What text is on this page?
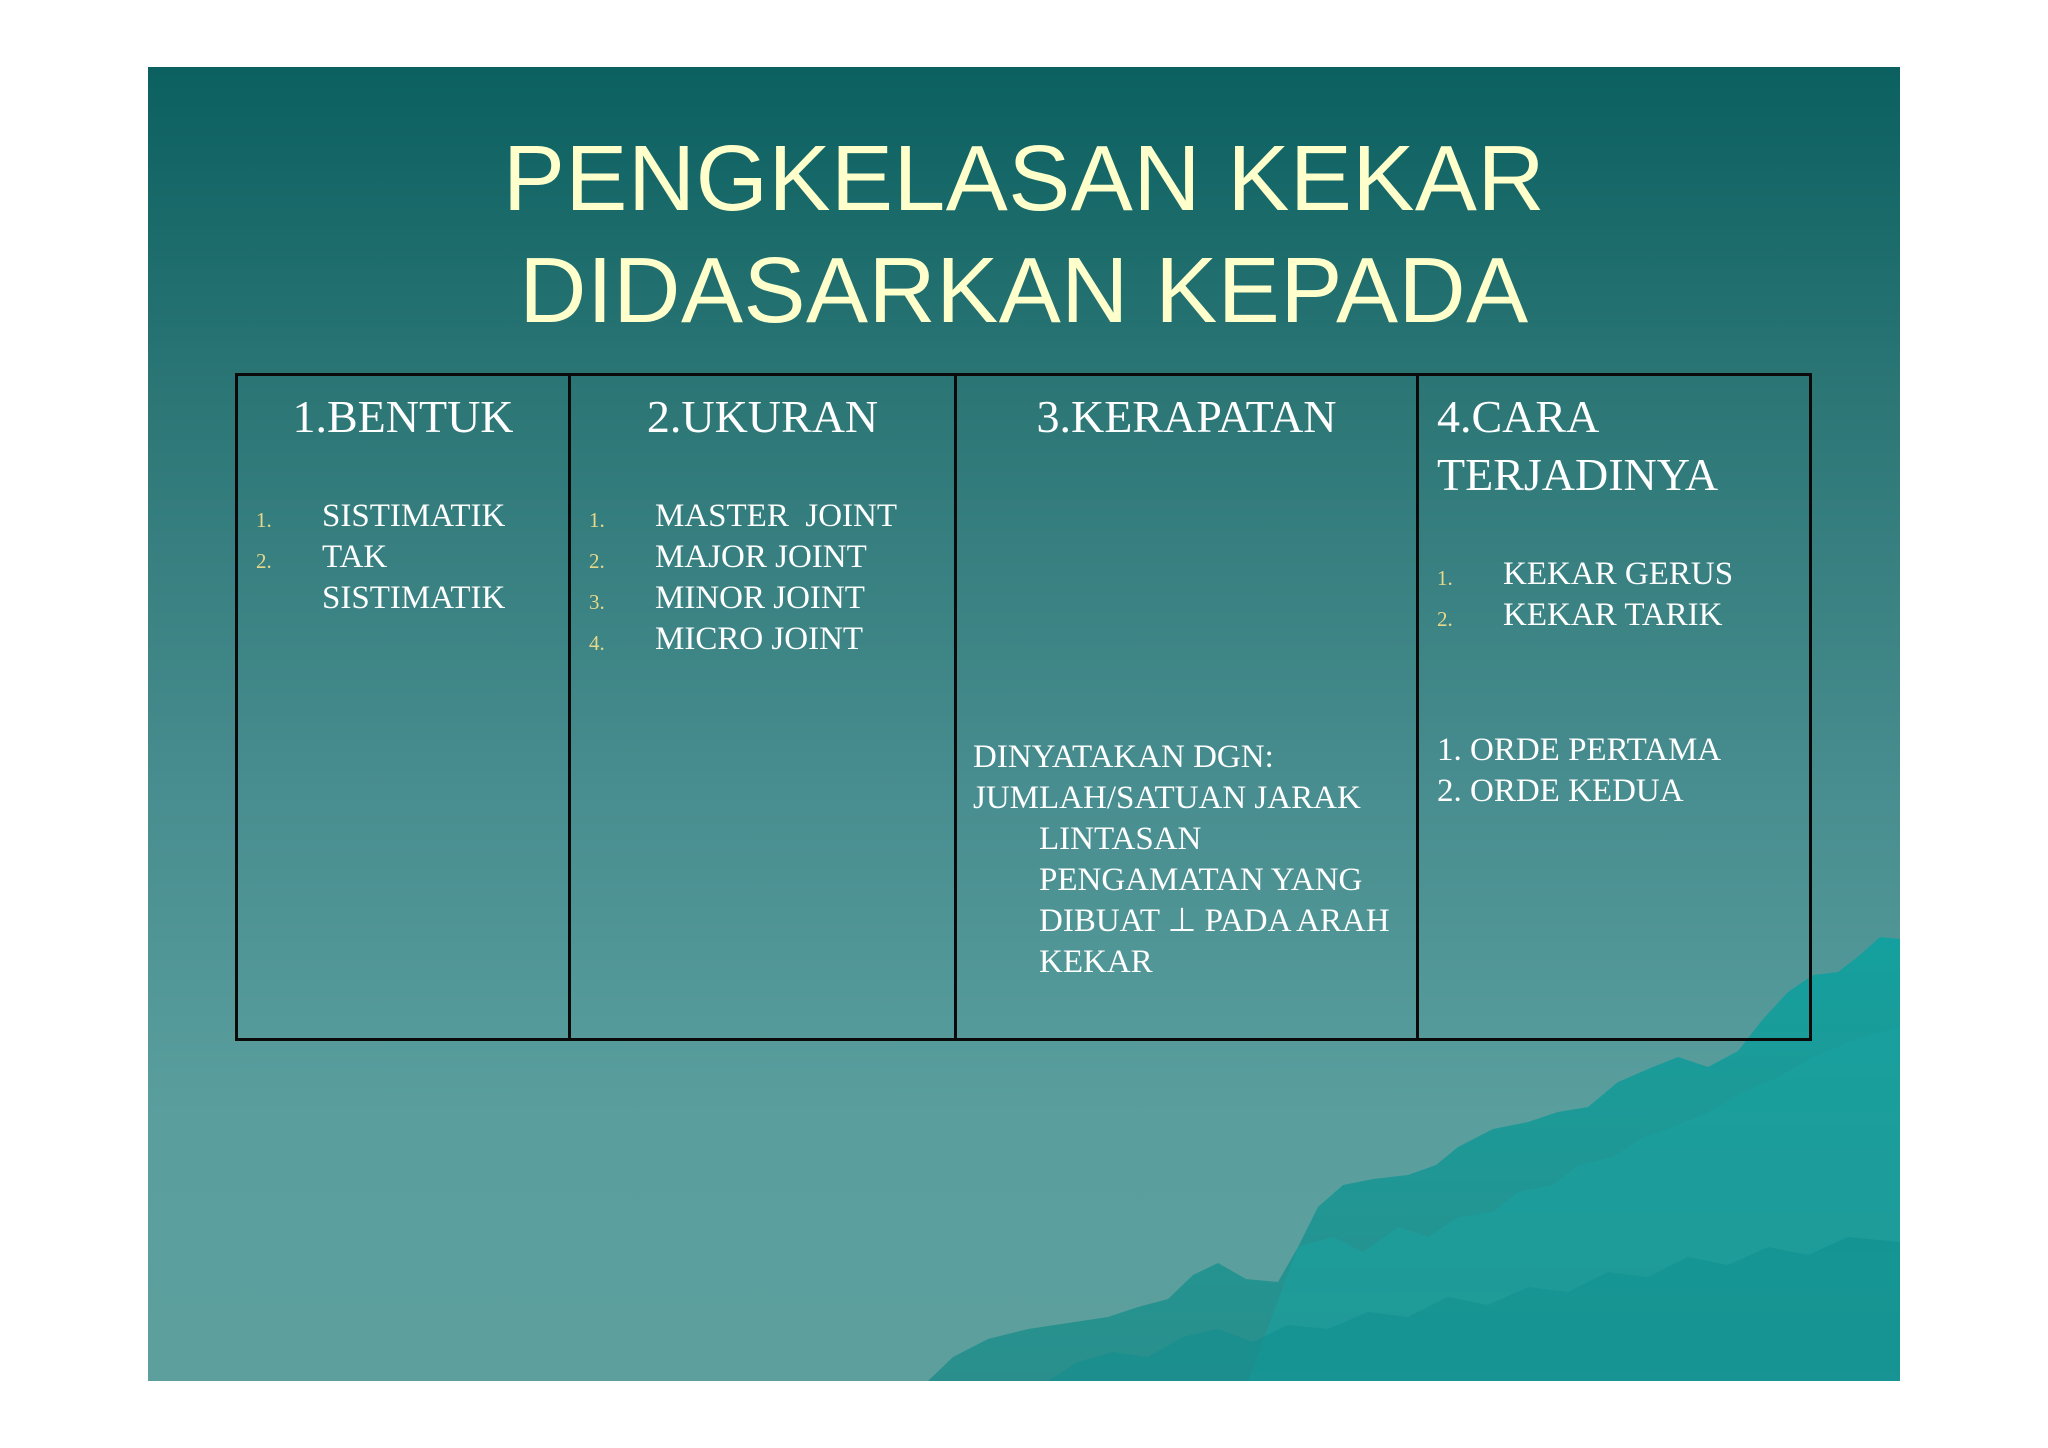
PENGKELASAN KEKAR
DIDASARKAN KEPADA
1.BENTUK
1. SISTIMATIK
2. TAK
SISTIMATIK
2.UKURAN
1. MASTER  JOINT
2. MAJOR JOINT
3. MINOR JOINT
4. MICRO JOINT
3.KERAPATAN
DINYATAKAN DGN:
JUMLAH/SATUAN JARAK
LINTASAN
PENGAMATAN YANG
DIBUAT ⊥ PADA ARAH
KEKAR
4.CARA
TERJADINYA
1. KEKAR GERUS
2. KEKAR TARIK
1. ORDE PERTAMA
2. ORDE KEDUA
